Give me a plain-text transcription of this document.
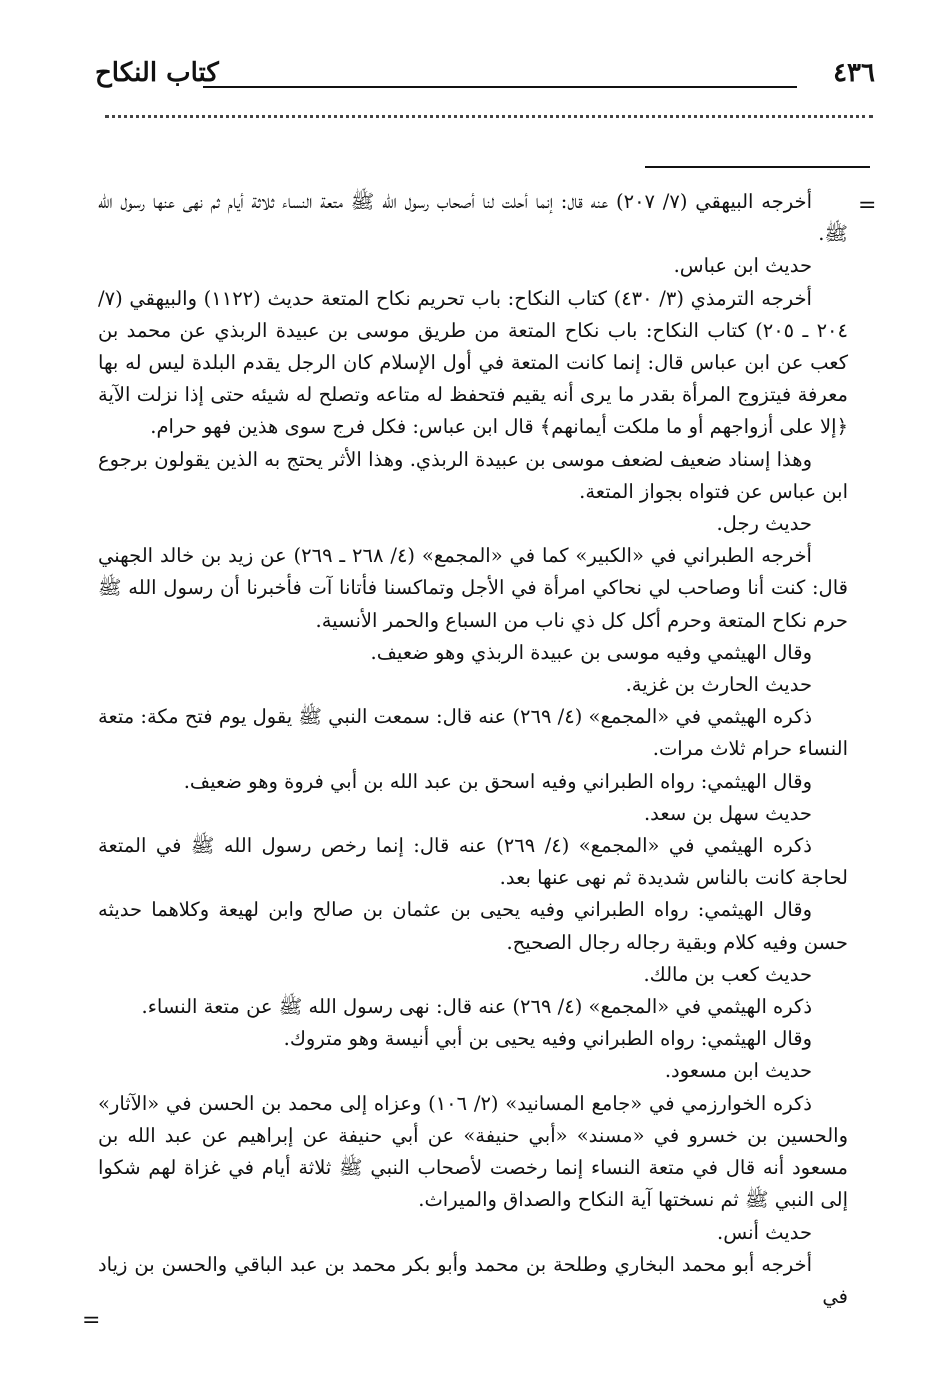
٤٣٦
كتاب النكاح
=

أخرجه البيهقي (٧/ ٢٠٧) عنه قال: إنما أحلت لنا أصحاب رسول الله ﷺ متعة النساء ثلاثة أيام ثم نهى عنها رسول الله ﷺ.

حديث ابن عباس.

أخرجه الترمذي (٣/ ٤٣٠) كتاب النكاح: باب تحريم نكاح المتعة حديث (١١٢٢) والبيهقي (٧/ ٢٠٤ ـ ٢٠٥) كتاب النكاح: باب نكاح المتعة من طريق موسى بن عبيدة الربذي عن محمد بن كعب عن ابن عباس قال: إنما كانت المتعة في أول الإسلام كان الرجل يقدم البلدة ليس له بها معرفة فيتزوج المرأة بقدر ما يرى أنه يقيم فتحفظ له متاعه وتصلح له شيئه حتى إذا نزلت الآية ﴿إلا على أزواجهم أو ما ملكت أيمانهم﴾ قال ابن عباس: فكل فرج سوى هذين فهو حرام.

وهذا إسناد ضعيف لضعف موسى بن عبيدة الربذي. وهذا الأثر يحتج به الذين يقولون برجوع ابن عباس عن فتواه بجواز المتعة.

حديث رجل.

أخرجه الطبراني في «الكبير» كما في «المجمع» (٤/ ٢٦٨ ـ ٢٦٩) عن زيد بن خالد الجهني قال: كنت أنا وصاحب لي نحاكي امرأة في الأجل وتماكسنا فأتانا آت فأخبرنا أن رسول الله ﷺ حرم نكاح المتعة وحرم أكل كل ذي ناب من السباع والحمر الأنسية.

وقال الهيثمي وفيه موسى بن عبيدة الربذي وهو ضعيف.

حديث الحارث بن غزية.

ذكره الهيثمي في «المجمع» (٤/ ٢٦٩) عنه قال: سمعت النبي ﷺ يقول يوم فتح مكة: متعة النساء حرام ثلاث مرات.

وقال الهيثمي: رواه الطبراني وفيه اسحق بن عبد الله بن أبي فروة وهو ضعيف.

حديث سهل بن سعد.

ذكره الهيثمي في «المجمع» (٤/ ٢٦٩) عنه قال: إنما رخص رسول الله ﷺ في المتعة لحاجة كانت بالناس شديدة ثم نهى عنها بعد.

وقال الهيثمي: رواه الطبراني وفيه يحيى بن عثمان بن صالح وابن لهيعة وكلاهما حديثه حسن وفيه كلام وبقية رجاله رجال الصحيح.

حديث كعب بن مالك.

ذكره الهيثمي في «المجمع» (٤/ ٢٦٩) عنه قال: نهى رسول الله ﷺ عن متعة النساء.

وقال الهيثمي: رواه الطبراني وفيه يحيى بن أبي أنيسة وهو متروك.

حديث ابن مسعود.

ذكره الخوارزمي في «جامع المسانيد» (٢/ ١٠٦) وعزاه إلى محمد بن الحسن في «الآثار» والحسين بن خسرو في «مسند» «أبي حنيفة» عن أبي حنيفة عن إبراهيم عن عبد الله بن مسعود أنه قال في متعة النساء إنما رخصت لأصحاب النبي ﷺ ثلاثة أيام في غزاة لهم شكوا إلى النبي ﷺ ثم نسختها آية النكاح والصداق والميراث.

حديث أنس.

أخرجه أبو محمد البخاري وطلحة بن محمد وأبو بكر محمد بن عبد الباقي والحسن بن زياد في

=
